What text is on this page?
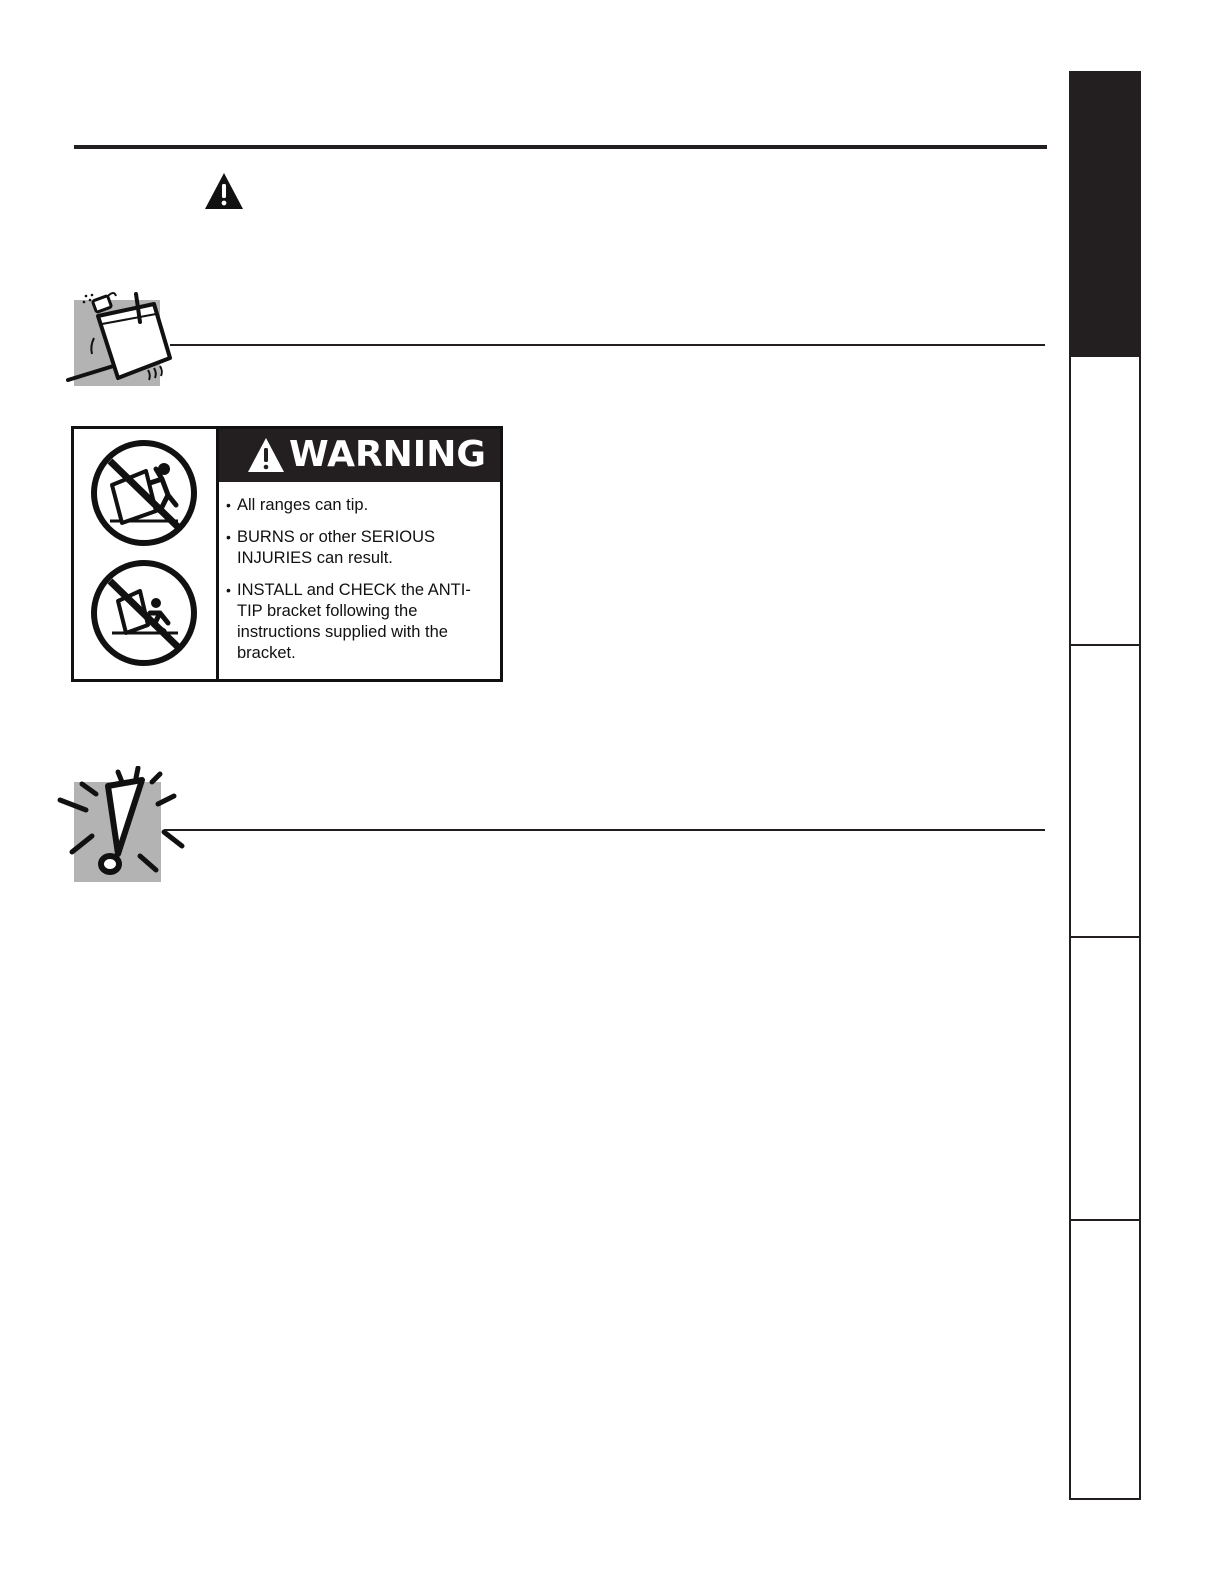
WARNING
• All ranges can tip.
• BURNS or other SERIOUS INJURIES can result.
• INSTALL and CHECK the ANTI-TIP bracket following the instructions supplied with the bracket.
